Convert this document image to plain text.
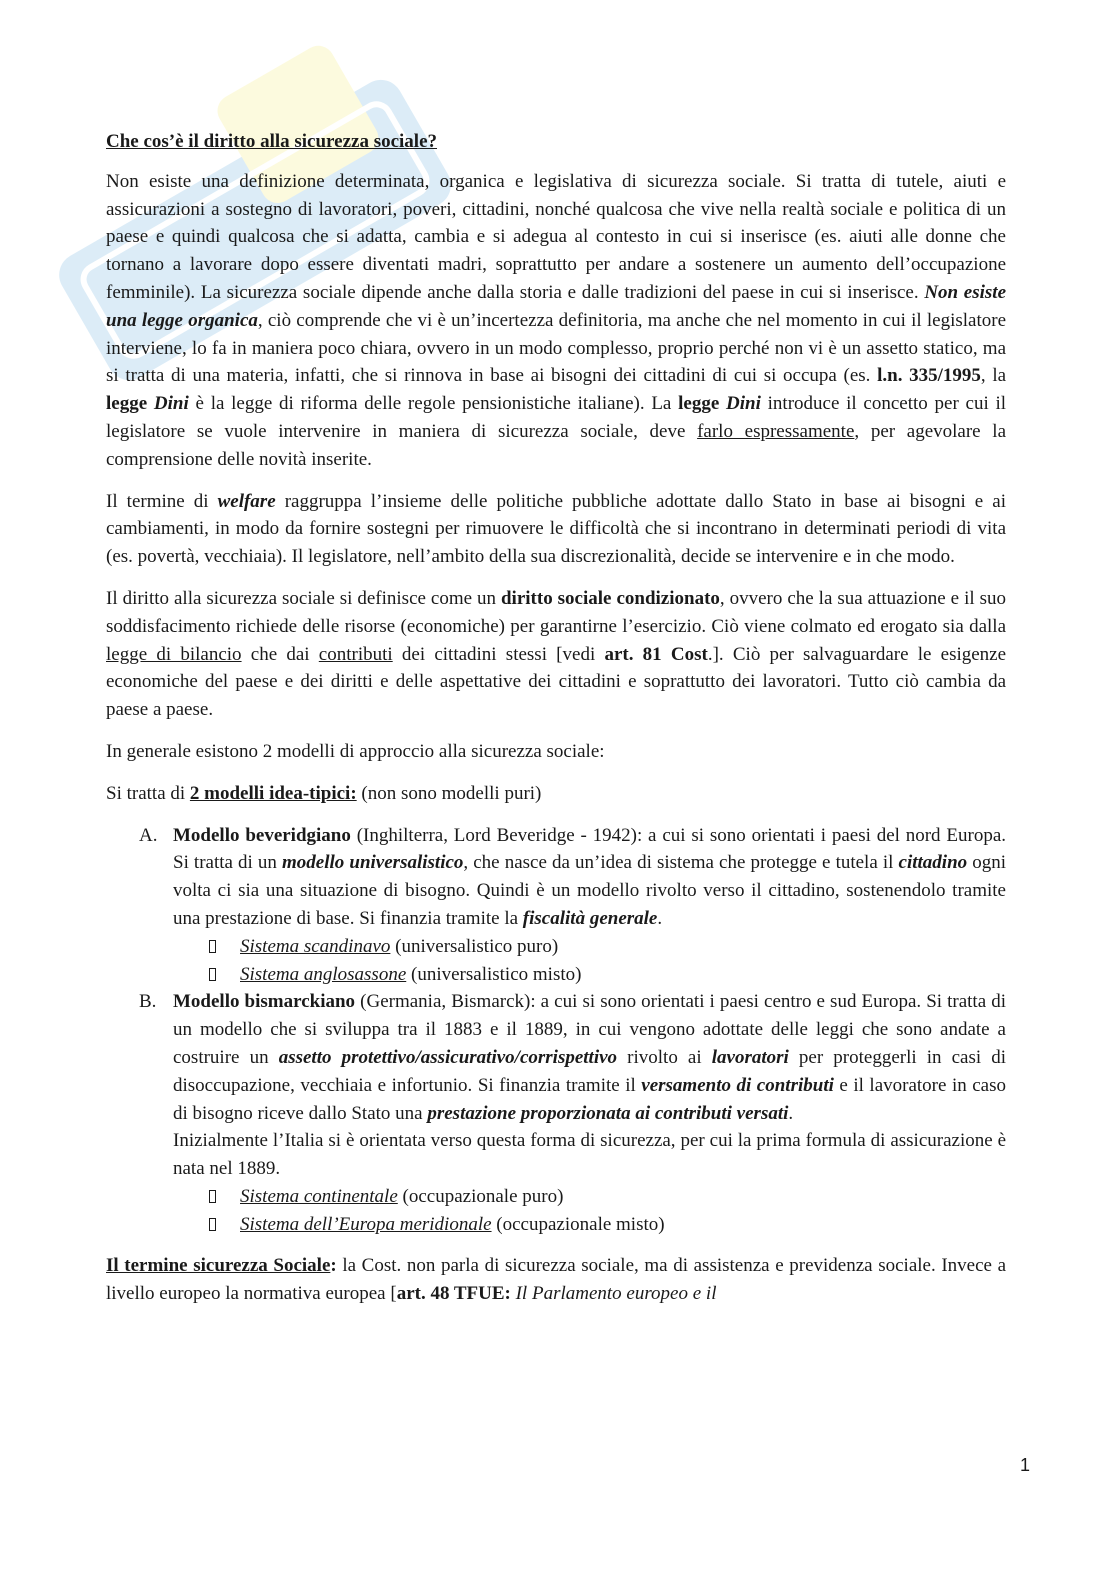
Che cos’è il diritto alla sicurezza sociale?

Non esiste una definizione determinata, organica e legislativa di sicurezza sociale. Si tratta di tutele, aiuti e assicurazioni a sostegno di lavoratori, poveri, cittadini, nonché qualcosa che vive nella realtà sociale e politica di un paese e quindi qualcosa che si adatta, cambia e si adegua al contesto in cui si inserisce (es. aiuti alle donne che tornano a lavorare dopo essere diventati madri, soprattutto per andare a sostenere un aumento dell’occupazione femminile). La sicurezza sociale dipende anche dalla storia e dalle tradizioni del paese in cui si inserisce. Non esiste una legge organica, ciò comprende che vi è un’incertezza definitoria, ma anche che nel momento in cui il legislatore interviene, lo fa in maniera poco chiara, ovvero in un modo complesso, proprio perché non vi è un assetto statico, ma si tratta di una materia, infatti, che si rinnova in base ai bisogni dei cittadini di cui si occupa (es. l.n. 335/1995, la legge Dini è la legge di riforma delle regole pensionistiche italiane). La legge Dini introduce il concetto per cui il legislatore se vuole intervenire in maniera di sicurezza sociale, deve farlo espressamente, per agevolare la comprensione delle novità inserite.

Il termine di welfare raggruppa l’insieme delle politiche pubbliche adottate dallo Stato in base ai bisogni e ai cambiamenti, in modo da fornire sostegni per rimuovere le difficoltà che si incontrano in determinati periodi di vita (es. povertà, vecchiaia). Il legislatore, nell’ambito della sua discrezionalità, decide se intervenire e in che modo.

Il diritto alla sicurezza sociale si definisce come un diritto sociale condizionato, ovvero che la sua attuazione e il suo soddisfacimento richiede delle risorse (economiche) per garantirne l’esercizio. Ciò viene colmato ed erogato sia dalla legge di bilancio che dai contributi dei cittadini stessi [vedi art. 81 Cost.]. Ciò per salvaguardare le esigenze economiche del paese e dei diritti e delle aspettative dei cittadini e soprattutto dei lavoratori. Tutto ciò cambia da paese a paese.

In generale esistono 2 modelli di approccio alla sicurezza sociale:

Si tratta di 2 modelli idea-tipici: (non sono modelli puri)

A. Modello beveridgiano (Inghilterra, Lord Beveridge - 1942): a cui si sono orientati i paesi del nord Europa. Si tratta di un modello universalistico, che nasce da un’idea di sistema che protegge e tutela il cittadino ogni volta ci sia una situazione di bisogno. Quindi è un modello rivolto verso il cittadino, sostenendolo tramite una prestazione di base. Si finanzia tramite la fiscalità generale.
Sistema scandinavo (universalistico puro)
Sistema anglosassone (universalistico misto)
B. Modello bismarckiano (Germania, Bismarck): a cui si sono orientati i paesi centro e sud Europa. Si tratta di un modello che si sviluppa tra il 1883 e il 1889, in cui vengono adottate delle leggi che sono andate a costruire un assetto protettivo/assicurativo/corrispettivo rivolto ai lavoratori per proteggerli in casi di disoccupazione, vecchiaia e infortunio. Si finanzia tramite il versamento di contributi e il lavoratore in caso di bisogno riceve dallo Stato una prestazione proporzionata ai contributi versati.
Inizialmente l’Italia si è orientata verso questa forma di sicurezza, per cui la prima formula di assicurazione è nata nel 1889.
Sistema continentale (occupazionale puro)
Sistema dell’Europa meridionale (occupazionale misto)

Il termine sicurezza Sociale: la Cost. non parla di sicurezza sociale, ma di assistenza e previdenza sociale. Invece a livello europeo la normativa europea [art. 48 TFUE: Il Parlamento europeo e il

1
